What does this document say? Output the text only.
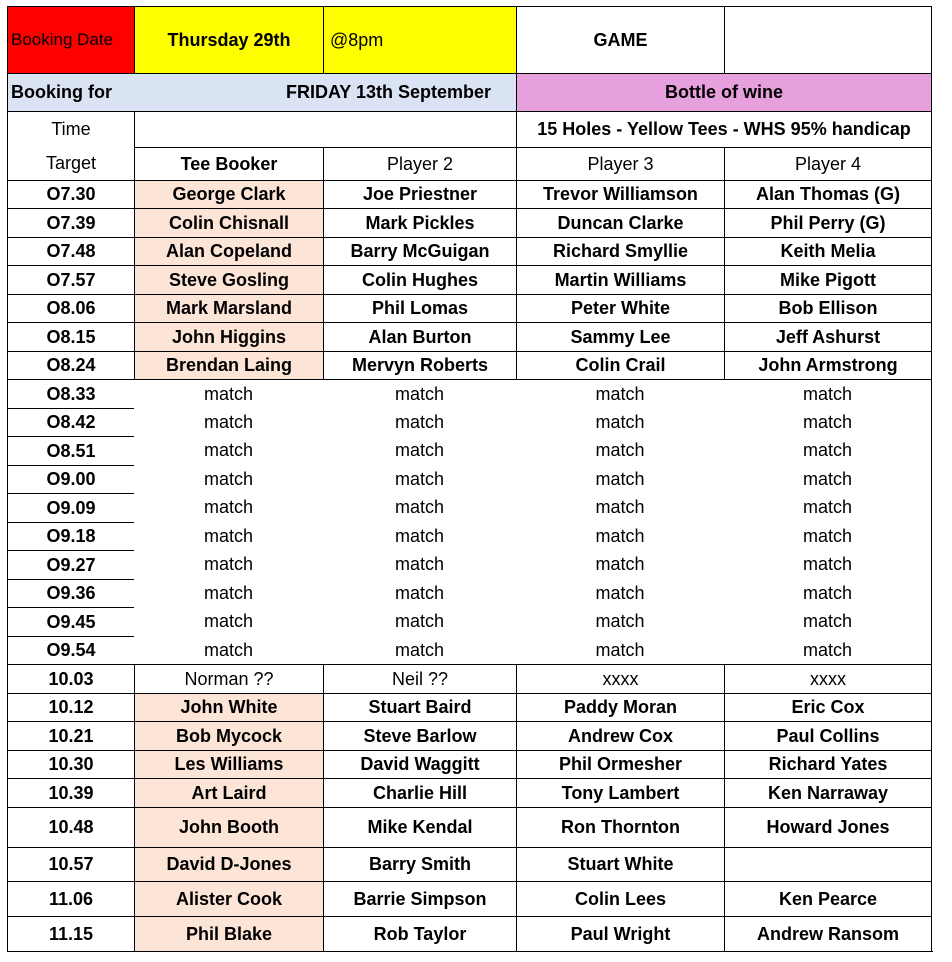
Booking Date	Thursday 29th	@8pm	GAME
Booking for	FRIDAY 13th September	Bottle of wine
Time	15 Holes - Yellow Tees - WHS 95% handicap
Target	Tee Booker	Player 2	Player 3	Player 4
O7.30	George Clark	Joe Priestner	Trevor Williamson	Alan Thomas (G)
O7.39	Colin Chisnall	Mark Pickles	Duncan Clarke	Phil Perry (G)
O7.48	Alan Copeland	Barry McGuigan	Richard Smyllie	Keith Melia
O7.57	Steve Gosling	Colin Hughes	Martin Williams	Mike Pigott
O8.06	Mark Marsland	Phil Lomas	Peter White	Bob Ellison
O8.15	John Higgins	Alan Burton	Sammy Lee	Jeff Ashurst
O8.24	Brendan Laing	Mervyn Roberts	Colin Crail	John Armstrong
O8.33	match	match	match	match
O8.42	match	match	match	match
O8.51	match	match	match	match
O9.00	match	match	match	match
O9.09	match	match	match	match
O9.18	match	match	match	match
O9.27	match	match	match	match
O9.36	match	match	match	match
O9.45	match	match	match	match
O9.54	match	match	match	match
10.03	Norman ??	Neil ??	xxxx	xxxx
10.12	John White	Stuart Baird	Paddy Moran	Eric Cox
10.21	Bob Mycock	Steve Barlow	Andrew Cox	Paul Collins
10.30	Les Williams	David Waggitt	Phil Ormesher	Richard Yates
10.39	Art Laird	Charlie Hill	Tony Lambert	Ken Narraway
10.48	John Booth	Mike Kendal	Ron Thornton	Howard Jones
10.57	David D-Jones	Barry Smith	Stuart White
11.06	Alister Cook	Barrie Simpson	Colin Lees	Ken Pearce
11.15	Phil Blake	Rob Taylor	Paul Wright	Andrew Ransom
